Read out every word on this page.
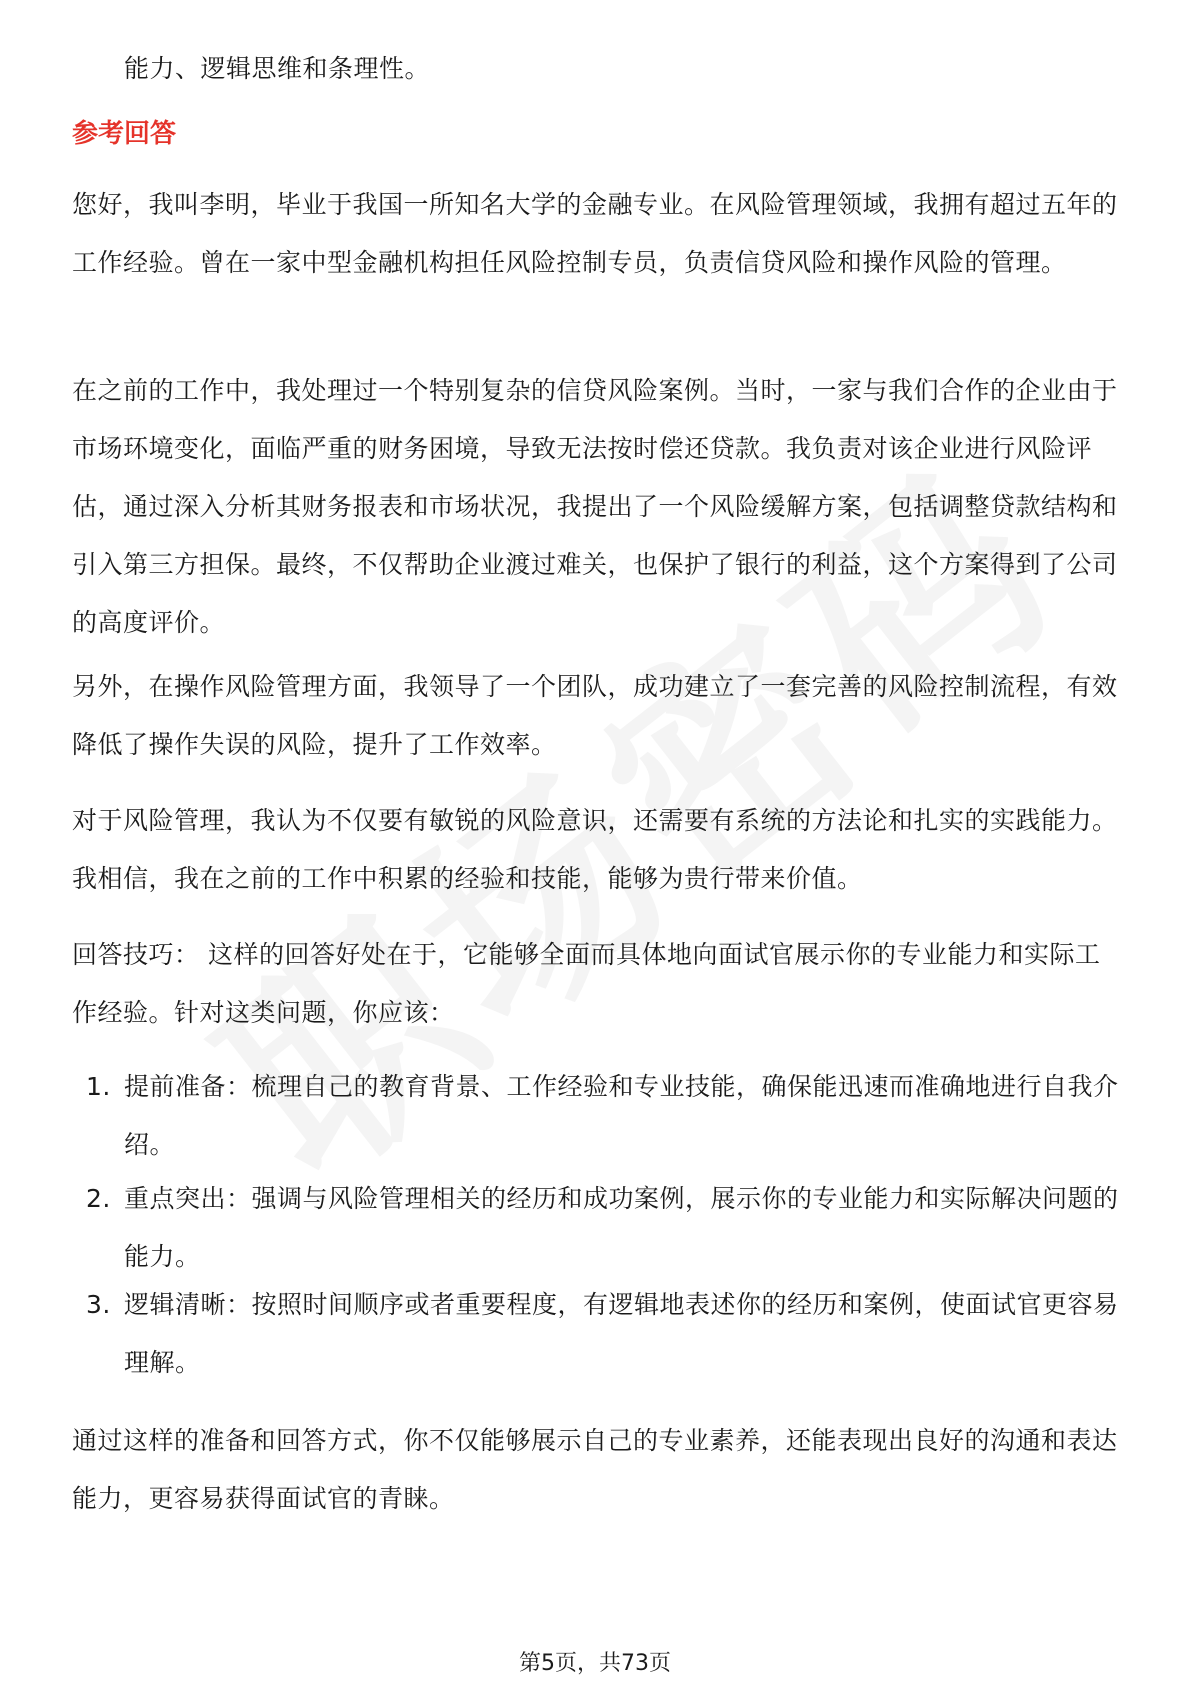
能力、逻辑思维和条理性。

参考回答

您好，我叫李明，毕业于我国一所知名大学的金融专业。在风险管理领域，我拥有超过五年的工作经验。曾在一家中型金融机构担任风险控制专员，负责信贷风险和操作风险的管理。

在之前的工作中，我处理过一个特别复杂的信贷风险案例。当时，一家与我们合作的企业由于市场环境变化，面临严重的财务困境，导致无法按时偿还贷款。我负责对该企业进行风险评估，通过深入分析其财务报表和市场状况，我提出了一个风险缓解方案，包括调整贷款结构和引入第三方担保。最终，不仅帮助企业渡过难关，也保护了银行的利益，这个方案得到了公司的高度评价。

另外，在操作风险管理方面，我领导了一个团队，成功建立了一套完善的风险控制流程，有效降低了操作失误的风险，提升了工作效率。

对于风险管理，我认为不仅要有敏锐的风险意识，还需要有系统的方法论和扎实的实践能力。我相信，我在之前的工作中积累的经验和技能，能够为贵行带来价值。

回答技巧： 这样的回答好处在于，它能够全面而具体地向面试官展示你的专业能力和实际工作经验。针对这类问题，你应该：

1. 提前准备：梳理自己的教育背景、工作经验和专业技能，确保能迅速而准确地进行自我介绍。
2. 重点突出：强调与风险管理相关的经历和成功案例，展示你的专业能力和实际解决问题的能力。
3. 逻辑清晰：按照时间顺序或者重要程度，有逻辑地表述你的经历和案例，使面试官更容易理解。

通过这样的准备和回答方式，你不仅能够展示自己的专业素养，还能表现出良好的沟通和表达能力，更容易获得面试官的青睐。

第5页，共73页
